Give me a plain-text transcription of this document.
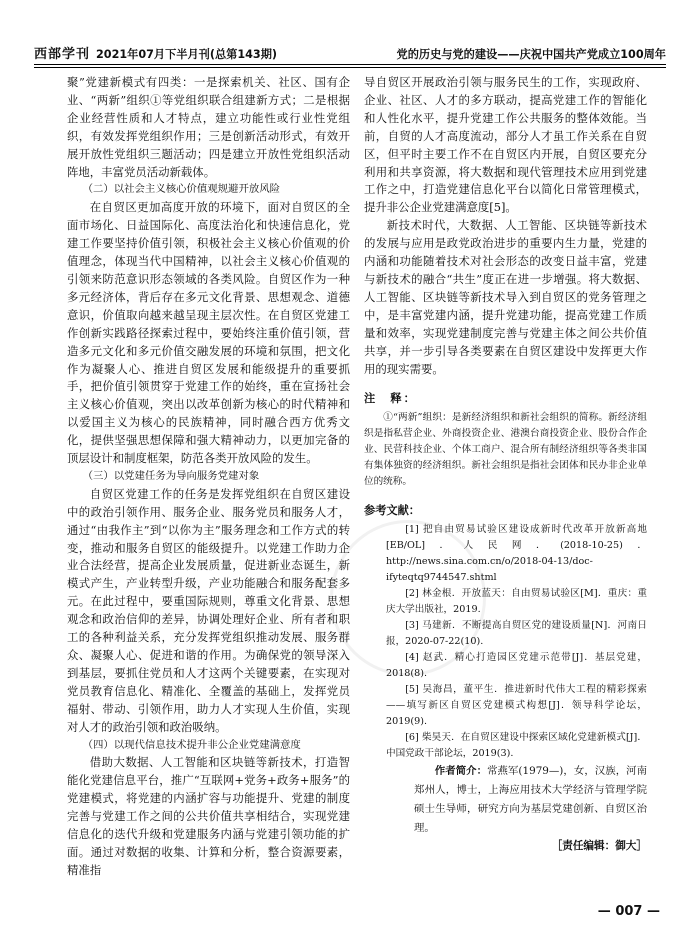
西部学刊 2021年07月下半月刊(总第143期)	党的历史与党的建设——庆祝中国共产党成立100周年

聚”党建新模式有四类：一是探索机关、社区、国有企业、“两新”组织①等党组织联合组建新方式；二是根据企业经营性质和人才特点，建立功能性或行业性党组织，有效发挥党组织作用；三是创新活动形式，有效开展开放性党组织三题活动；四是建立开放性党组织活动阵地，丰富党员活动新载体。

（二）以社会主义核心价值观规避开放风险

在自贸区更加高度开放的环境下，面对自贸区的全面市场化、日益国际化、高度法治化和快速信息化，党建工作要坚持价值引领，积极社会主义核心价值观的价值理念，体现当代中国精神，以社会主义核心价值观的引领来防范意识形态领域的各类风险。自贸区作为一种多元经济体，背后存在多元文化背景、思想观念、道德意识，价值取向越来越呈现主层次性。在自贸区党建工作创新实践路径探索过程中，要始终注重价值引领，营造多元文化和多元价值交融发展的环境和氛围，把文化作为凝聚人心、推进自贸区发展和能级提升的重要抓手，把价值引领贯穿于党建工作的始终，重在宣扬社会主义核心价值观，突出以改革创新为核心的时代精神和以爱国主义为核心的民族精神，同时融合西方优秀文化，提供坚强思想保障和强大精神动力，以更加完备的顶层设计和制度框架，防范各类开放风险的发生。

（三）以党建任务为导向服务党建对象

自贸区党建工作的任务是发挥党组织在自贸区建设中的政治引领作用、服务企业、服务党员和服务人才，通过“由我作主”到“以你为主”服务理念和工作方式的转变，推动和服务自贸区的能级提升。以党建工作助力企业合法经营，提高企业发展质量，促进新业态诞生，新模式产生，产业转型升级，产业功能融合和服务配套多元。在此过程中，要重国际规则，尊重文化背景、思想观念和政治信仰的差异，协调处理好企业、所有者和职工的各种利益关系，充分发挥党组织推动发展、服务群众、凝聚人心、促进和谐的作用。为确保党的领导深入到基层，要抓住党员和人才这两个关键要素，在实现对党员教育信息化、精准化、全覆盖的基础上，发挥党员福射、带动、引领作用，助力人才实现人生价值，实现对人才的政治引领和政治吸纳。

（四）以现代信息技术提升非公企业党建满意度

借助大数据、人工智能和区块链等新技术，打造智能化党建信息平台，推广“互联网+党务+政务+服务”的党建模式，将党建的内涵扩容与功能提升、党建的制度完善与党建工作之间的公共价值共享相结合，实现党建信息化的迭代升级和党建服务内涵与党建引领功能的扩面。通过对数据的收集、计算和分析，整合资源要素，精准指

导自贸区开展政治引领与服务民生的工作，实现政府、企业、社区、人才的多方联动，提高党建工作的智能化和人性化水平，提升党建工作公共服务的整体效能。当前，自贸的人才高度流动，部分人才虽工作关系在自贸区，但平时主要工作不在自贸区内开展，自贸区要充分利用和共享资源，将大数据和现代管理技术应用到党建工作之中，打造党建信息化平台以简化日常管理模式，提升非公企业党建满意度[5]。

新技术时代，大数据、人工智能、区块链等新技术的发展与应用是政党政治进步的重要内生力量，党建的内涵和功能随着技术对社会形态的改变日益丰富，党建与新技术的融合“共生”度正在进一步增强。将大数据、人工智能、区块链等新技术导入到自贸区的党务管理之中，是丰富党建内涵，提升党建功能，提高党建工作质量和效率，实现党建制度完善与党建主体之间公共价值共享，并一步引导各类要素在自贸区建设中发挥更大作用的现实需要。

注　释：

①“两新”组织：是新经济组织和新社会组织的简称。新经济组织是指私营企业、外商投资企业、港澳台商投资企业、股份合作企业、民营科技企业、个体工商户、混合所有制经济组织等各类非国有集体独资的经济组织。新社会组织是指社会团体和民办非企业单位的统称。

参考文献：

[1] 把自由贸易试验区建设成新时代改革开放新高地[EB/OL]．人民网．(2018-10-25)．http://news.sina.com.cn/o/2018-04-13/doc-ifyteqtq9744547.shtml

[2] 林金根．开放蓝天：自由贸易试验区[M]．重庆：重庆大学出版社，2019.

[3] 马建新．不断提高自贸区党的建设质量[N]．河南日报，2020-07-22(10).

[4] 赵武．精心打造园区党建示范带[J]．基层党建，2018(8).

[5] 吴海昌，董平生．推进新时代伟大工程的精彩探索——填写新区自贸区党建模式构想[J]．领导科学论坛，2019(9).

[6] 柴昊天．在自贸区建设中探索区域化党建新模式[J]．中国党政干部论坛，2019(3).

作者简介：常燕军(1979—)，女，汉族，河南郑州人，博士，上海应用技术大学经济与管理学院硕士生导师，研究方向为基层党建创新、自贸区治理。

［责任编辑：御大］

— 007 —
